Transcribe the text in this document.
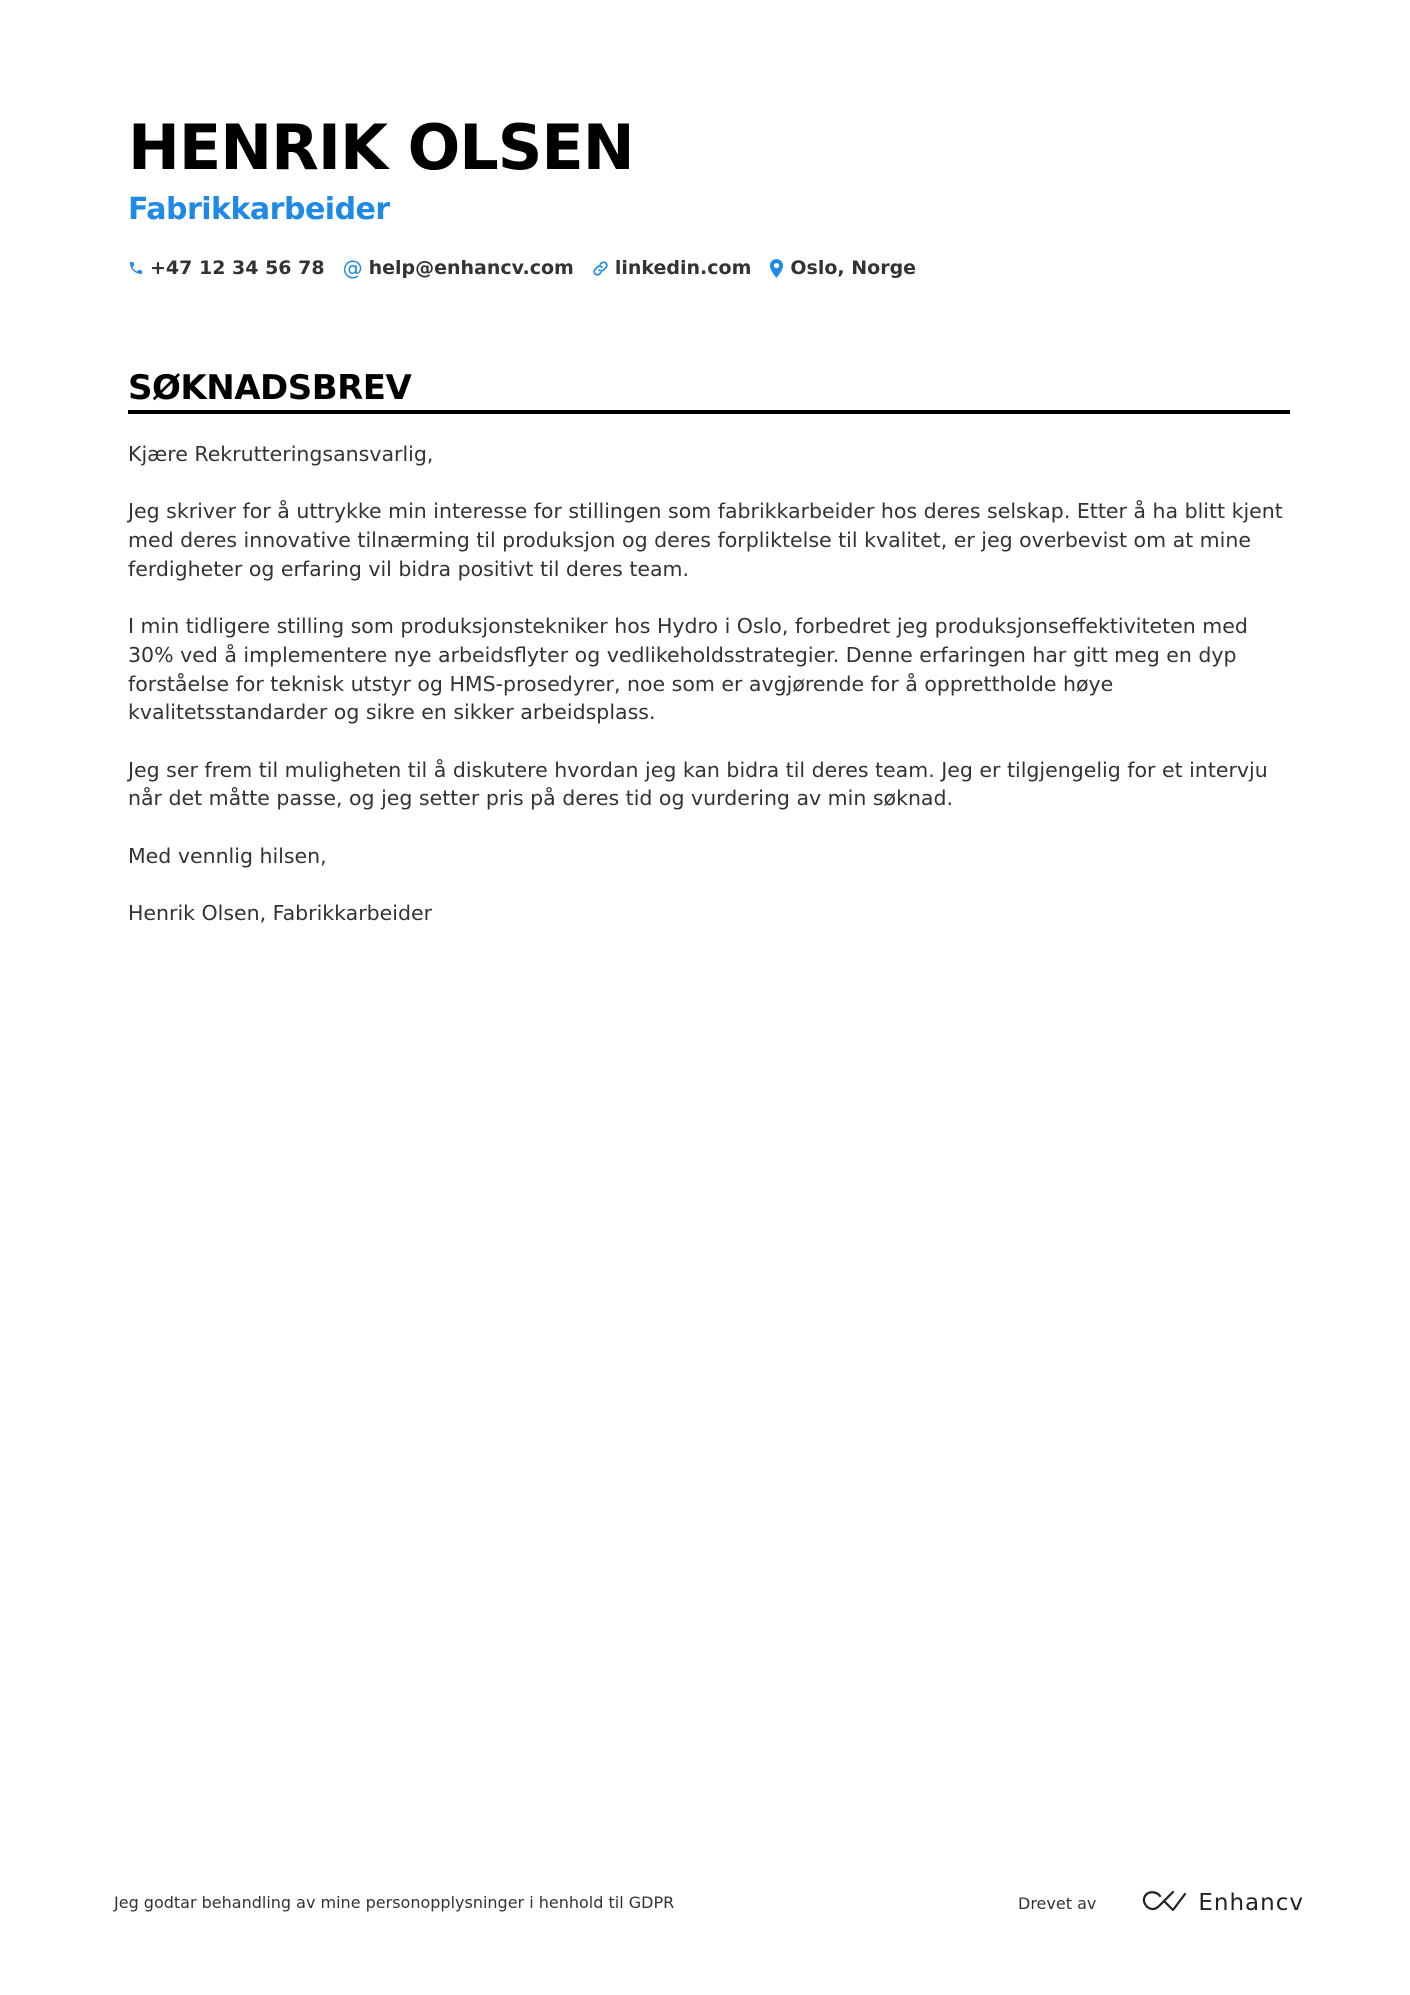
HENRIK OLSEN
Fabrikkarbeider
+47 12 34 56 78 @ help@enhancv.com linkedin.com Oslo, Norge
SØKNADSBREV

Kjære Rekrutteringsansvarlig,

Jeg skriver for å uttrykke min interesse for stillingen som fabrikkarbeider hos deres selskap. Etter å ha blitt kjent med deres innovative tilnærming til produksjon og deres forpliktelse til kvalitet, er jeg overbevist om at mine ferdigheter og erfaring vil bidra positivt til deres team.

I min tidligere stilling som produksjonstekniker hos Hydro i Oslo, forbedret jeg produksjonseffektiviteten med 30% ved å implementere nye arbeidsflyter og vedlikeholdsstrategier. Denne erfaringen har gitt meg en dyp forståelse for teknisk utstyr og HMS-prosedyrer, noe som er avgjørende for å opprettholde høye kvalitetsstandarder og sikre en sikker arbeidsplass.

Jeg ser frem til muligheten til å diskutere hvordan jeg kan bidra til deres team. Jeg er tilgjengelig for et intervju når det måtte passe, og jeg setter pris på deres tid og vurdering av min søknad.

Med vennlig hilsen,

Henrik Olsen, Fabrikkarbeider

Jeg godtar behandling av mine personopplysninger i henhold til GDPR	Drevet av	Enhancv
